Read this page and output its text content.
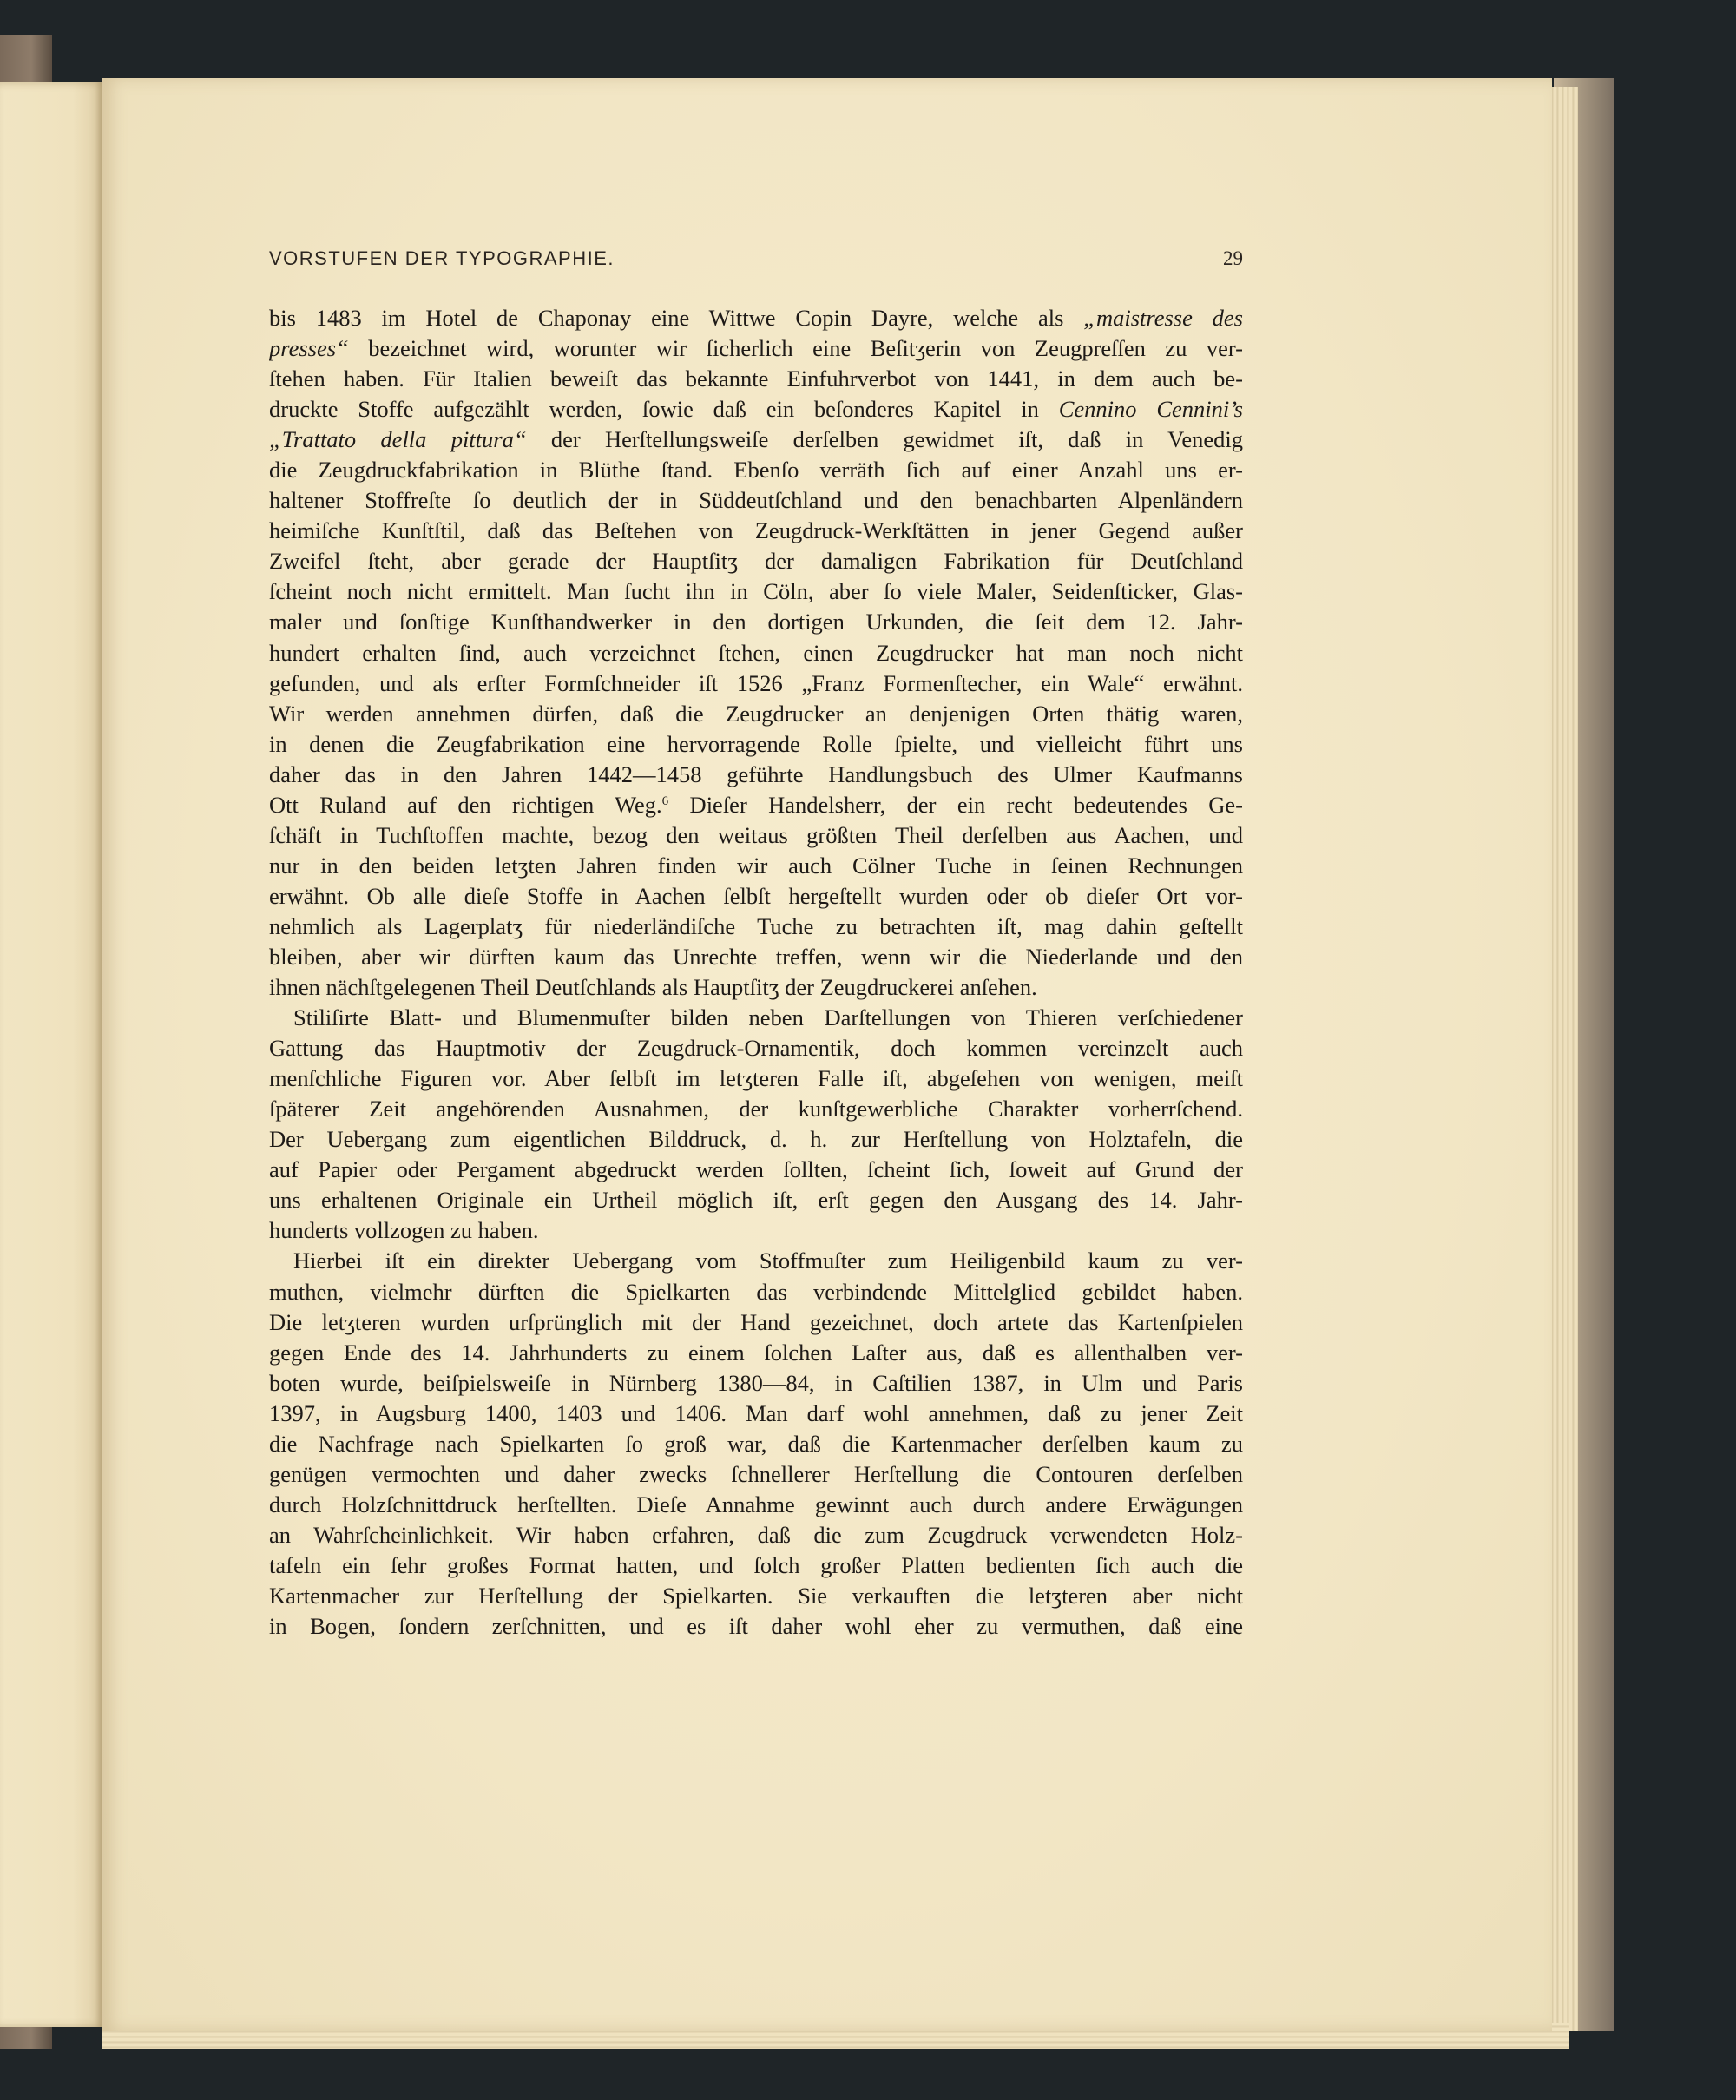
VORSTUFEN DER TYPOGRAPHIE.	29
bis 1483 im Hotel de Chaponay eine Wittwe Copin Dayre, welche als „maistresse des
presses“ bezeichnet wird, worunter wir ſicherlich eine Beſitʒerin von Zeugpreſſen zu ver-
ſtehen haben. Für Italien beweiſt das bekannte Einfuhrverbot von 1441, in dem auch be-
druckte Stoffe aufgezählt werden, ſowie daß ein beſonderes Kapitel in Cennino Cennini’s
„Trattato della pittura“ der Herſtellungsweiſe derſelben gewidmet iſt, daß in Venedig
die Zeugdruckfabrikation in Blüthe ſtand. Ebenſo verräth ſich auf einer Anzahl uns er-
haltener Stoffreſte ſo deutlich der in Süddeutſchland und den benachbarten Alpenländern
heimiſche Kunſtſtil, daß das Beſtehen von Zeugdruck-Werkſtätten in jener Gegend außer
Zweifel ſteht, aber gerade der Hauptſitʒ der damaligen Fabrikation für Deutſchland
ſcheint noch nicht ermittelt. Man ſucht ihn in Cöln, aber ſo viele Maler, Seidenſticker, Glas-
maler und ſonſtige Kunſthandwerker in den dortigen Urkunden, die ſeit dem 12. Jahr-
hundert erhalten ſind, auch verzeichnet ſtehen, einen Zeugdrucker hat man noch nicht
gefunden, und als erſter Formſchneider iſt 1526 „Franz Formenſtecher, ein Wale“ erwähnt.
Wir werden annehmen dürfen, daß die Zeugdrucker an denjenigen Orten thätig waren,
in denen die Zeugfabrikation eine hervorragende Rolle ſpielte, und vielleicht führt uns
daher das in den Jahren 1442—1458 geführte Handlungsbuch des Ulmer Kaufmanns
Ott Ruland auf den richtigen Weg.$^6$ Dieſer Handelsherr, der ein recht bedeutendes Ge-
ſchäft in Tuchſtoffen machte, bezog den weitaus größten Theil derſelben aus Aachen, und
nur in den beiden letʒten Jahren finden wir auch Cölner Tuche in ſeinen Rechnungen
erwähnt. Ob alle dieſe Stoffe in Aachen ſelbſt hergeſtellt wurden oder ob dieſer Ort vor-
nehmlich als Lagerplatʒ für niederländiſche Tuche zu betrachten iſt, mag dahin geſtellt
bleiben, aber wir dürften kaum das Unrechte treffen, wenn wir die Niederlande und den
ihnen nächſtgelegenen Theil Deutſchlands als Hauptſitʒ der Zeugdruckerei anſehen.
Stiliſirte Blatt- und Blumenmuſter bilden neben Darſtellungen von Thieren verſchiedener
Gattung das Hauptmotiv der Zeugdruck-Ornamentik, doch kommen vereinzelt auch
menſchliche Figuren vor. Aber ſelbſt im letʒteren Falle iſt, abgeſehen von wenigen, meiſt
ſpäterer Zeit angehörenden Ausnahmen, der kunſtgewerbliche Charakter vorherrſchend.
Der Uebergang zum eigentlichen Bilddruck, d. h. zur Herſtellung von Holztafeln, die
auf Papier oder Pergament abgedruckt werden ſollten, ſcheint ſich, ſoweit auf Grund der
uns erhaltenen Originale ein Urtheil möglich iſt, erſt gegen den Ausgang des 14. Jahr-
hunderts vollzogen zu haben.
Hierbei iſt ein direkter Uebergang vom Stoffmuſter zum Heiligenbild kaum zu ver-
muthen, vielmehr dürften die Spielkarten das verbindende Mittelglied gebildet haben.
Die letʒteren wurden urſprünglich mit der Hand gezeichnet, doch artete das Kartenſpielen
gegen Ende des 14. Jahrhunderts zu einem ſolchen Laſter aus, daß es allenthalben ver-
boten wurde, beiſpielsweiſe in Nürnberg 1380—84, in Caſtilien 1387, in Ulm und Paris
1397, in Augsburg 1400, 1403 und 1406. Man darf wohl annehmen, daß zu jener Zeit
die Nachfrage nach Spielkarten ſo groß war, daß die Kartenmacher derſelben kaum zu
genügen vermochten und daher zwecks ſchnellerer Herſtellung die Contouren derſelben
durch Holzſchnittdruck herſtellten. Dieſe Annahme gewinnt auch durch andere Erwägungen
an Wahrſcheinlichkeit. Wir haben erfahren, daß die zum Zeugdruck verwendeten Holz-
tafeln ein ſehr großes Format hatten, und ſolch großer Platten bedienten ſich auch die
Kartenmacher zur Herſtellung der Spielkarten. Sie verkauften die letʒteren aber nicht
in Bogen, ſondern zerſchnitten, und es iſt daher wohl eher zu vermuthen, daß eine
